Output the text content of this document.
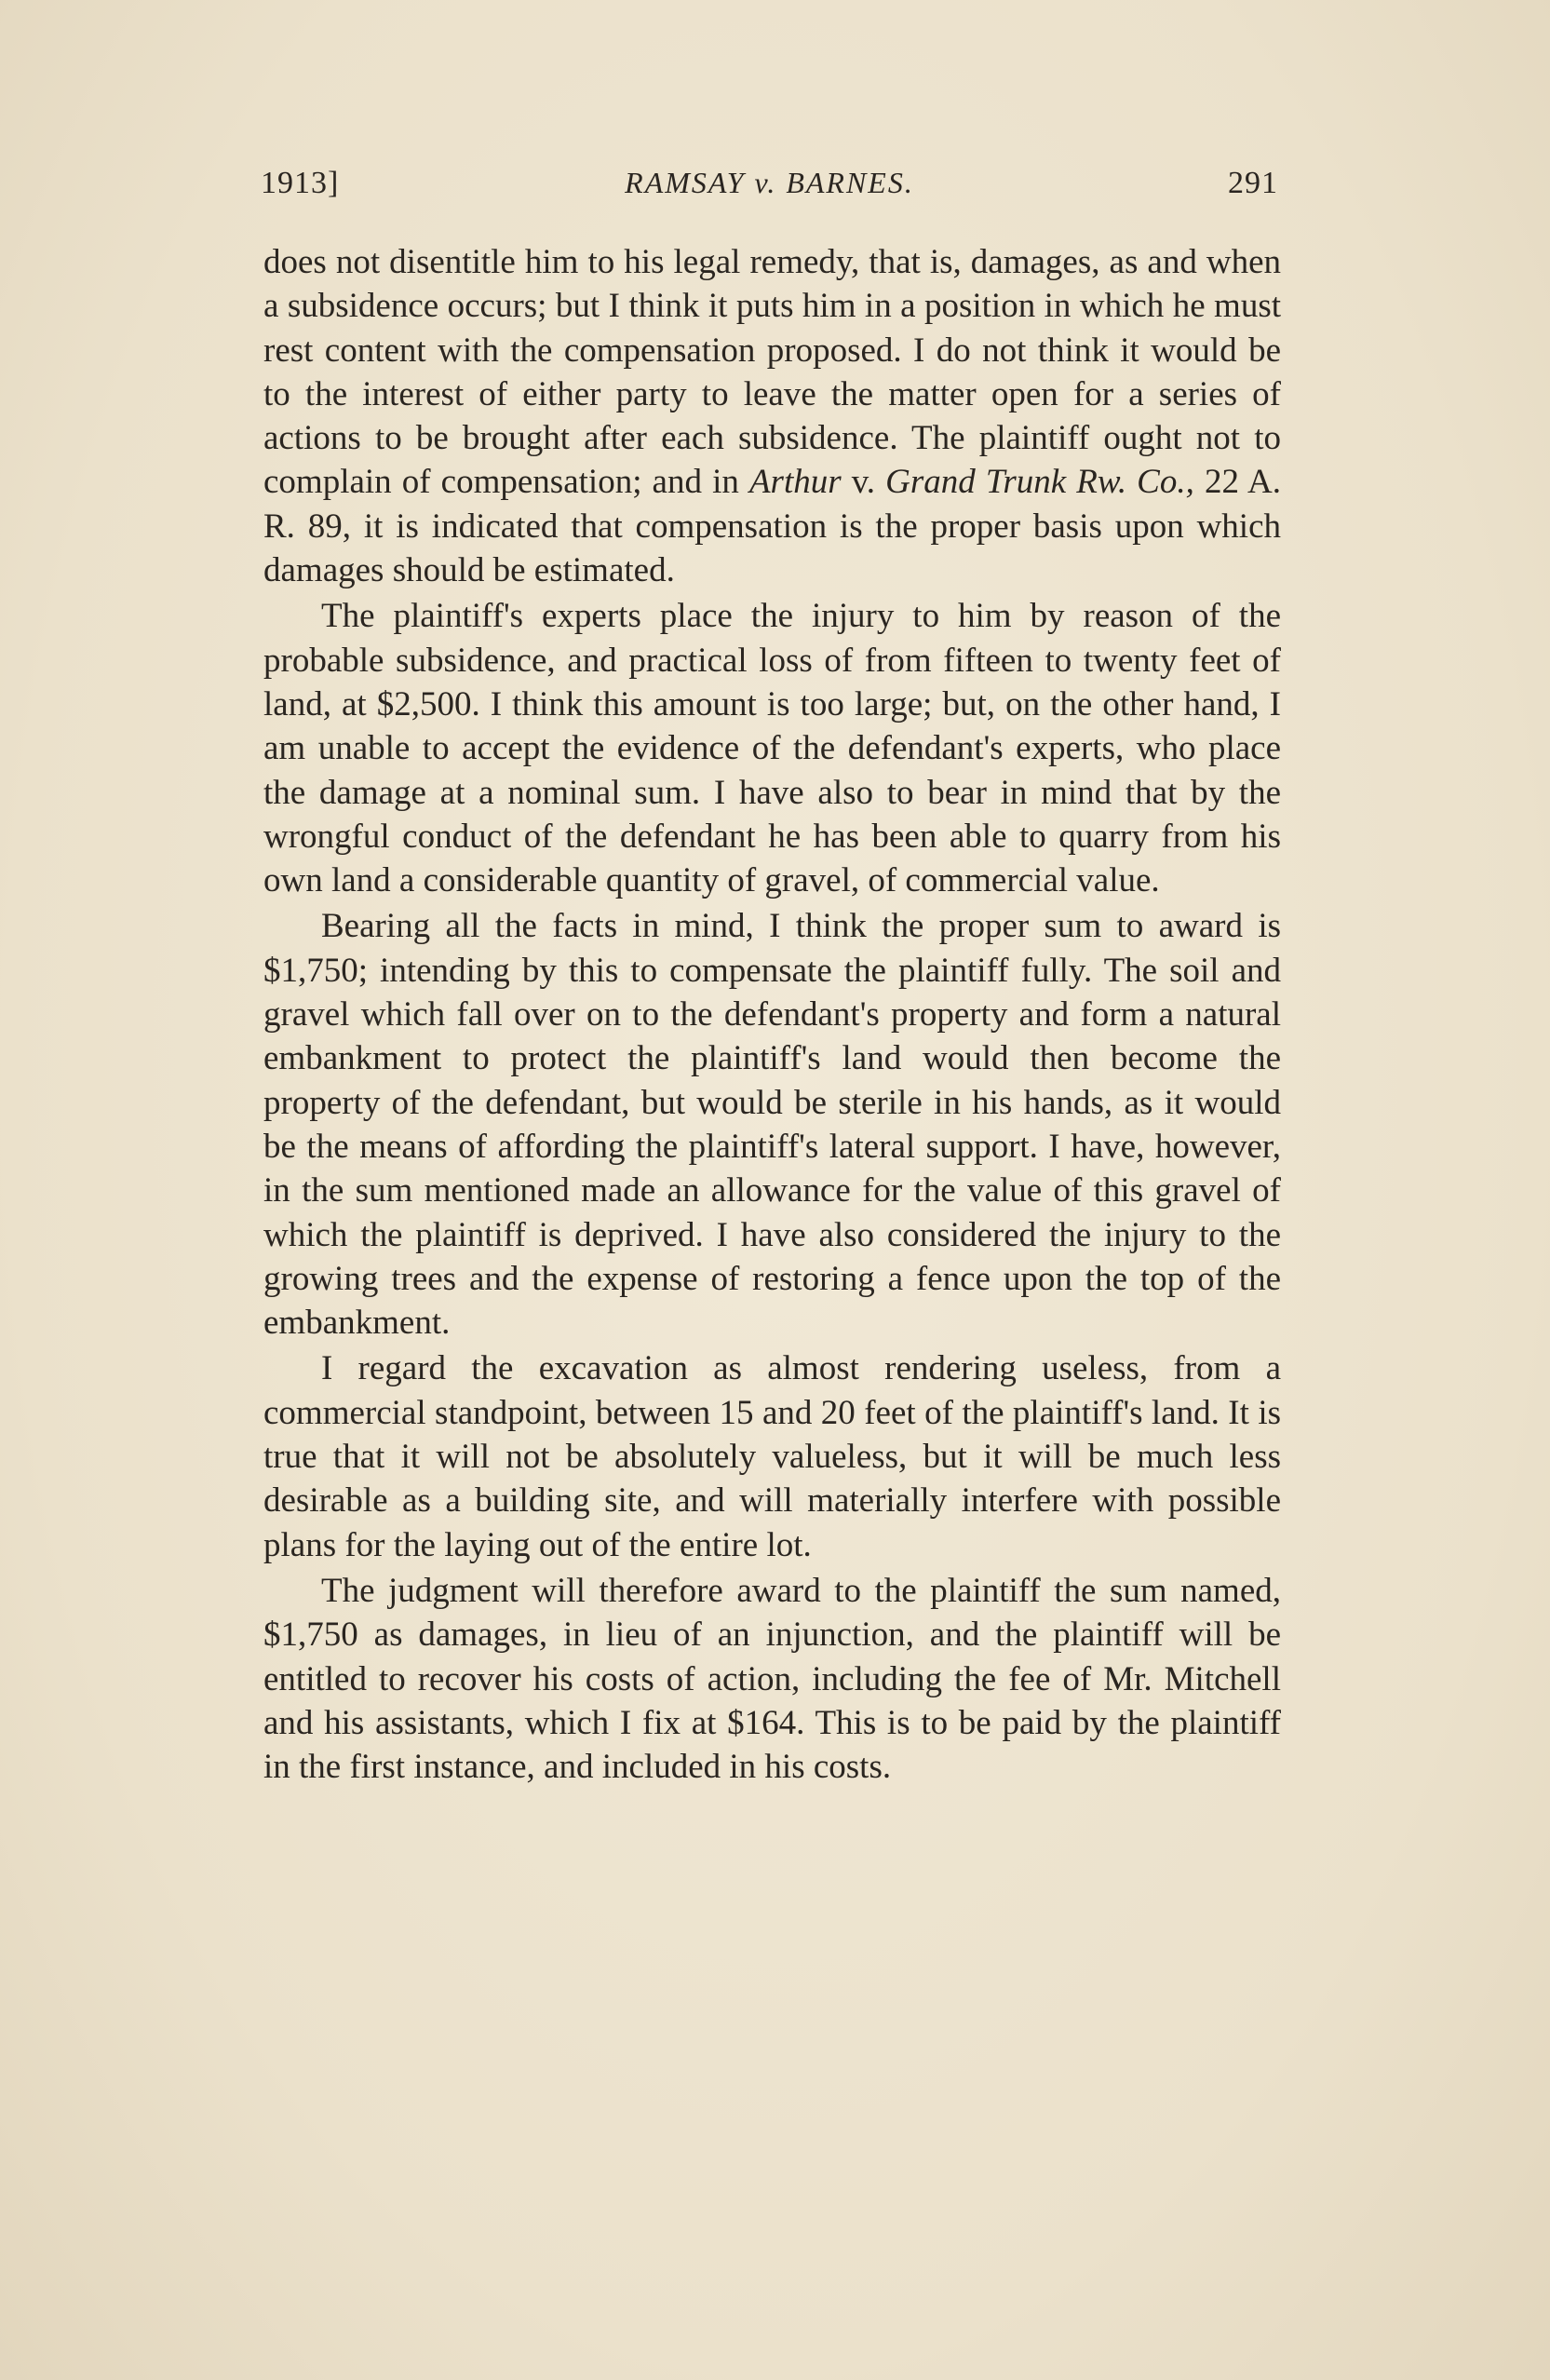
1913]	RAMSAY v. BARNES.	291

does not disentitle him to his legal remedy, that is, damages, as and when a subsidence occurs; but I think it puts him in a position in which he must rest content with the compensation proposed. I do not think it would be to the interest of either party to leave the matter open for a series of actions to be brought after each subsidence. The plaintiff ought not to complain of compensation; and in Arthur v. Grand Trunk Rw. Co., 22 A. R. 89, it is indicated that compensation is the proper basis upon which damages should be estimated.

The plaintiff's experts place the injury to him by reason of the probable subsidence, and practical loss of from fifteen to twenty feet of land, at $2,500. I think this amount is too large; but, on the other hand, I am unable to accept the evidence of the defendant's experts, who place the damage at a nominal sum. I have also to bear in mind that by the wrongful conduct of the defendant he has been able to quarry from his own land a considerable quantity of gravel, of commercial value.

Bearing all the facts in mind, I think the proper sum to award is $1,750; intending by this to compensate the plaintiff fully. The soil and gravel which fall over on to the defendant's property and form a natural embankment to protect the plaintiff's land would then become the property of the defendant, but would be sterile in his hands, as it would be the means of affording the plaintiff's lateral support. I have, however, in the sum mentioned made an allowance for the value of this gravel of which the plaintiff is deprived. I have also considered the injury to the growing trees and the expense of restoring a fence upon the top of the embankment.

I regard the excavation as almost rendering useless, from a commercial standpoint, between 15 and 20 feet of the plaintiff's land. It is true that it will not be absolutely valueless, but it will be much less desirable as a building site, and will materially interfere with possible plans for the laying out of the entire lot.

The judgment will therefore award to the plaintiff the sum named, $1,750 as damages, in lieu of an injunction, and the plaintiff will be entitled to recover his costs of action, including the fee of Mr. Mitchell and his assistants, which I fix at $164. This is to be paid by the plaintiff in the first instance, and included in his costs.
